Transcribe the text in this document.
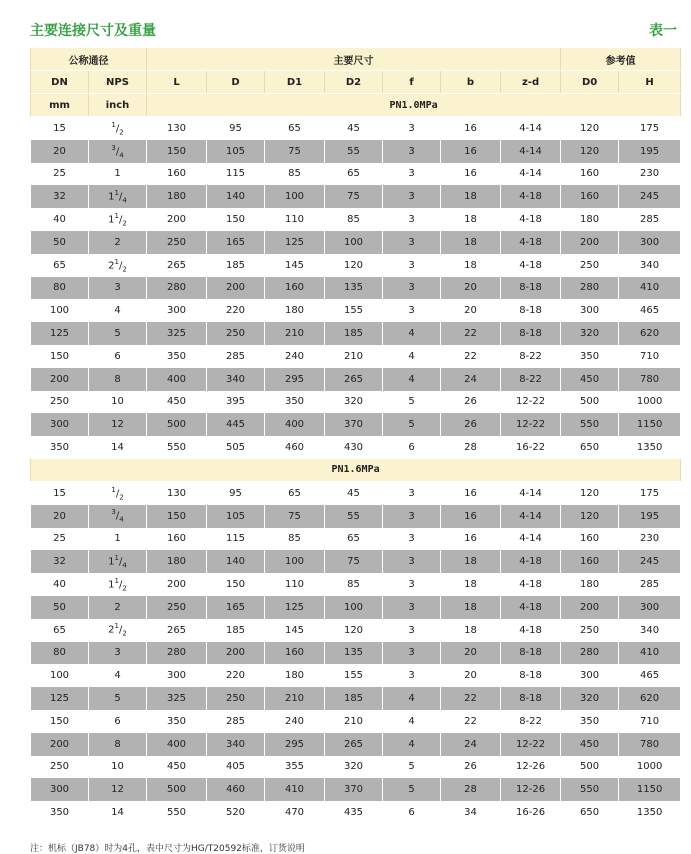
主要连接尺寸及重量	表一
公称通径		主要尺寸							参考值	
DN	NPS	L	D	D1	D2	f	b	z-d	D0	H
mm	inch	PN1.0MPa								
15	$^1/_2$	130	95	65	45	3	16	4-14	120	175
20	$^3/_4$	150	105	75	55	3	16	4-14	120	195
25	1	160	115	85	65	3	16	4-14	160	230
32	$1^1/_4$	180	140	100	75	3	18	4-18	160	245
40	$1^1/_2$	200	150	110	85	3	18	4-18	180	285
50	2	250	165	125	100	3	18	4-18	200	300
65	$2^1/_2$	265	185	145	120	3	18	4-18	250	340
80	3	280	200	160	135	3	20	8-18	280	410
100	4	300	220	180	155	3	20	8-18	300	465
125	5	325	250	210	185	4	22	8-18	320	620
150	6	350	285	240	210	4	22	8-22	350	710
200	8	400	340	295	265	4	24	8-22	450	780
250	10	450	395	350	320	5	26	12-22	500	1000
300	12	500	445	400	370	5	26	12-22	550	1150
350	14	550	505	460	430	6	28	16-22	650	1350
PN1.6MPa										
15	$^1/_2$	130	95	65	45	3	16	4-14	120	175
20	$^3/_4$	150	105	75	55	3	16	4-14	120	195
25	1	160	115	85	65	3	16	4-14	160	230
32	$1^1/_4$	180	140	100	75	3	18	4-18	160	245
40	$1^1/_2$	200	150	110	85	3	18	4-18	180	285
50	2	250	165	125	100	3	18	4-18	200	300
65	$2^1/_2$	265	185	145	120	3	18	4-18	250	340
80	3	280	200	160	135	3	20	8-18	280	410
100	4	300	220	180	155	3	20	8-18	300	465
125	5	325	250	210	185	4	22	8-18	320	620
150	6	350	285	240	210	4	22	8-22	350	710
200	8	400	340	295	265	4	24	12-22	450	780
250	10	450	405	355	320	5	26	12-26	500	1000
300	12	500	460	410	370	5	28	12-26	550	1150
350	14	550	520	470	435	6	34	16-26	650	1350
注：机标（JB78）时为4孔，表中尺寸为HG/T20592标准，订货说明
